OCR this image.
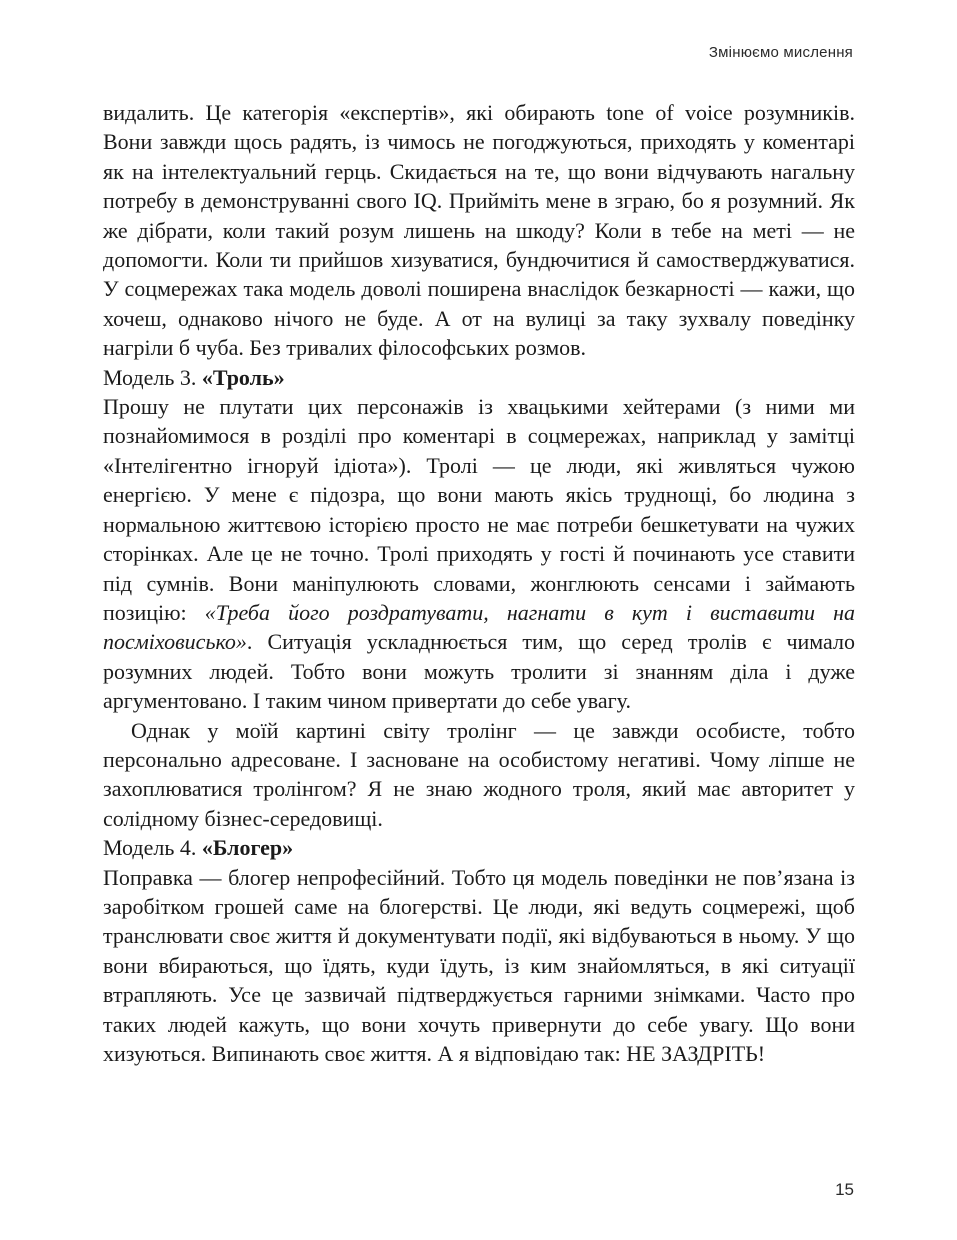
Змінюємо мислення

видалить. Це категорія «експертів», які обирають tone of voice розумників. Вони завжди щось радять, із чимось не погоджуються, приходять у коментарі як на інтелектуальний герць. Скидається на те, що вони відчувають нагальну потребу в демонструванні свого IQ. Прийміть мене в зграю, бо я розумний. Як же дібрати, коли такий розум лишень на шкоду? Коли в тебе на меті — не допомогти. Коли ти прийшов хизуватися, бундючитися й самостверджуватися. У соцмережах така модель доволі поширена внаслідок безкарності — кажи, що хочеш, однаково нічого не буде. А от на вулиці за таку зухвалу поведінку нагріли б чуба. Без тривалих філософських розмов.

Модель 3. «Троль»

Прошу не плутати цих персонажів із хвацькими хейтерами (з ними ми познайомимося в розділі про коментарі в соцмережах, наприклад у замітці «Інтелігентно ігноруй ідіота»). Тролі — це люди, які живляться чужою енергією. У мене є підозра, що вони мають якісь труднощі, бо людина з нормальною життєвою історією просто не має потреби бешкетувати на чужих сторінках. Але це не точно. Тролі приходять у гості й починають усе ставити під сумнів. Вони маніпулюють словами, жонглюють сенсами і займають позицію: «Треба його роздратувати, нагнати в кут і виставити на посміховисько». Ситуація ускладнюється тим, що серед тролів є чимало розумних людей. Тобто вони можуть тролити зі знанням діла і дуже аргументовано. І таким чином привертати до себе увагу.

Однак у моїй картині світу тролінг — це завжди особисте, тобто персонально адресоване. І засноване на особистому негативі. Чому ліпше не захоплюватися тролінгом? Я не знаю жодного троля, який має авторитет у солідному бізнес-середовищі.

Модель 4. «Блогер»

Поправка — блогер непрофесійний. Тобто ця модель поведінки не пов’язана із заробітком грошей саме на блогерстві. Це люди, які ведуть соцмережі, щоб транслювати своє життя й документувати події, які відбуваються в ньому. У що вони вбираються, що їдять, куди їдуть, із ким знайомляться, в які ситуації втрапляють. Усе це зазвичай підтверджується гарними знімками. Часто про таких людей кажуть, що вони хочуть привернути до себе увагу. Що вони хизуються. Випинають своє життя. А я відповідаю так: НЕ ЗАЗДРІТЬ!

15
